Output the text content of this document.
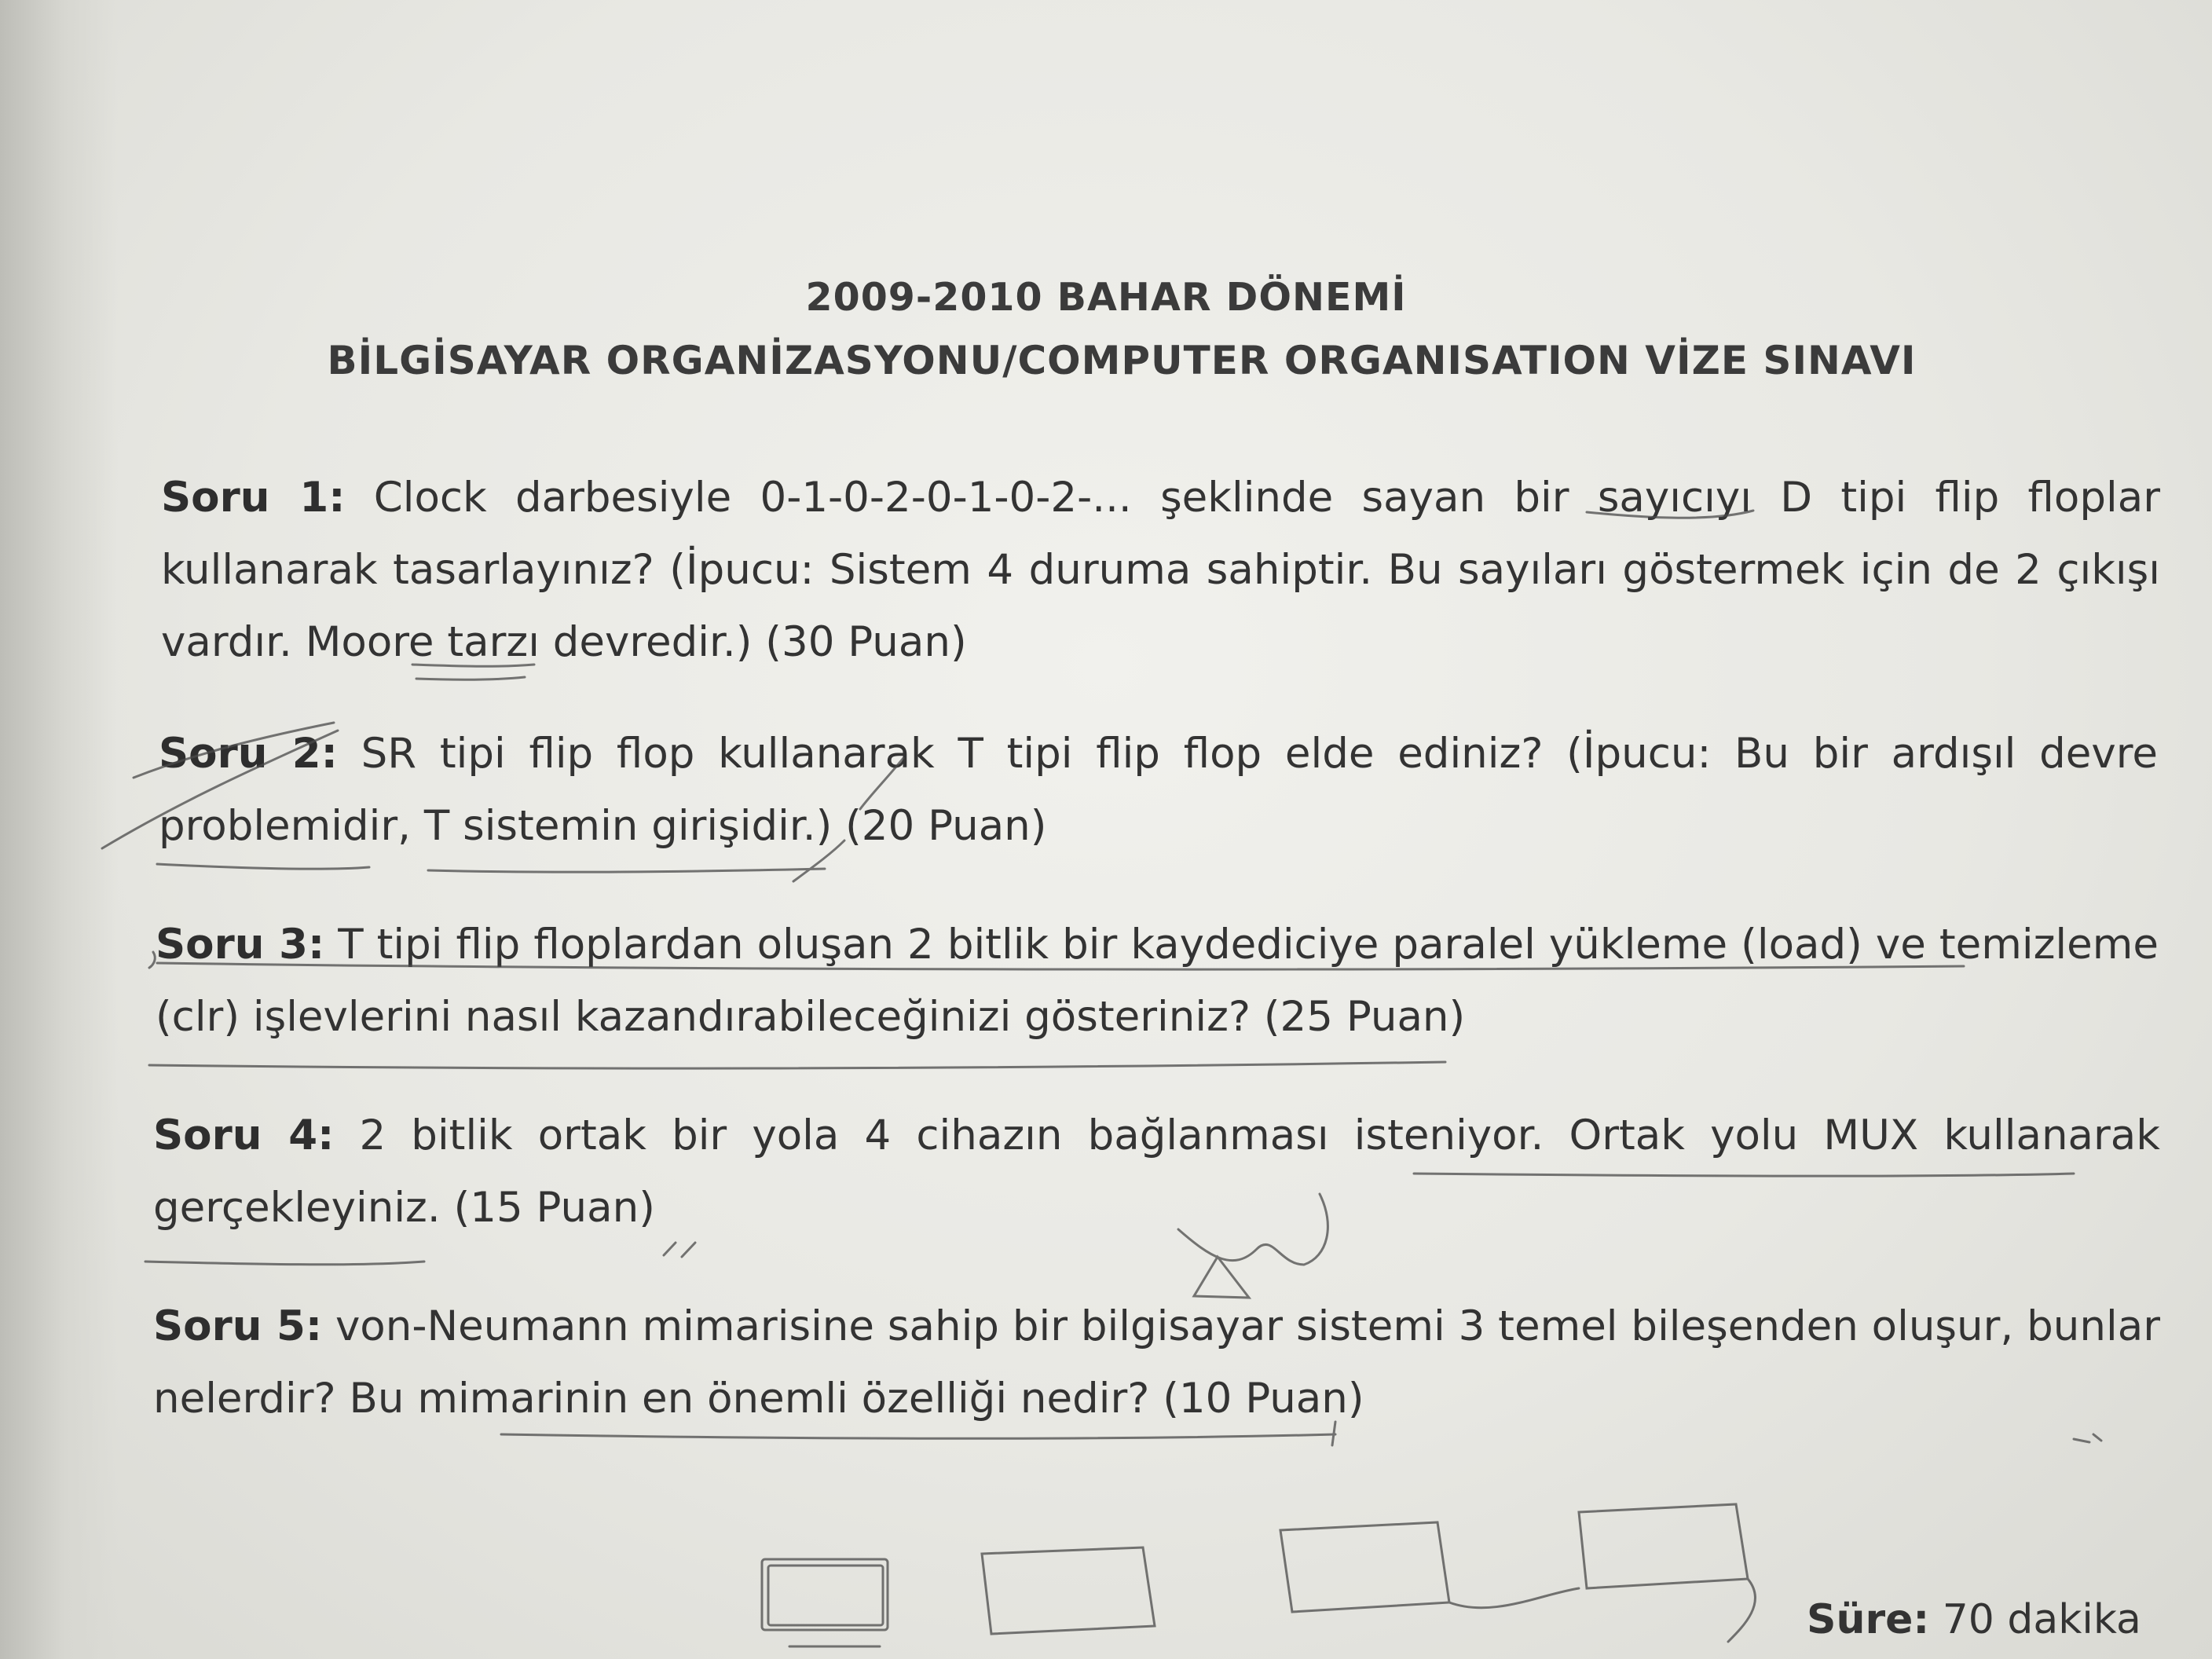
2009-2010 BAHAR DÖNEMİ
BİLGİSAYAR ORGANİZASYONU/COMPUTER ORGANISATION VİZE SINAVI
Soru 1: Clock darbesiyle 0-1-0-2-0-1-0-2-... şeklinde sayan bir sayıcıyı D tipi flip floplar kullanarak tasarlayınız? (İpucu: Sistem 4 duruma sahiptir. Bu sayıları göstermek için de 2 çıkışı vardır. Moore tarzı devredir.) (30 Puan)
Soru 2: SR tipi flip flop kullanarak T tipi flip flop elde ediniz? (İpucu: Bu bir ardışıl devre problemidir, T sistemin girişidir.) (20 Puan)
Soru 3: T tipi flip floplardan oluşan 2 bitlik bir kaydediciye paralel yükleme (load) ve temizleme (clr) işlevlerini nasıl kazandırabileceğinizi gösteriniz? (25 Puan)
Soru 4: 2 bitlik ortak bir yola 4 cihazın bağlanması isteniyor. Ortak yolu MUX kullanarak gerçekleyiniz. (15 Puan)
Soru 5: von-Neumann mimarisine sahip bir bilgisayar sistemi 3 temel bileşenden oluşur, bunlar nelerdir? Bu mimarinin en önemli özelliği nedir? (10 Puan)
Süre: 70 dakika
